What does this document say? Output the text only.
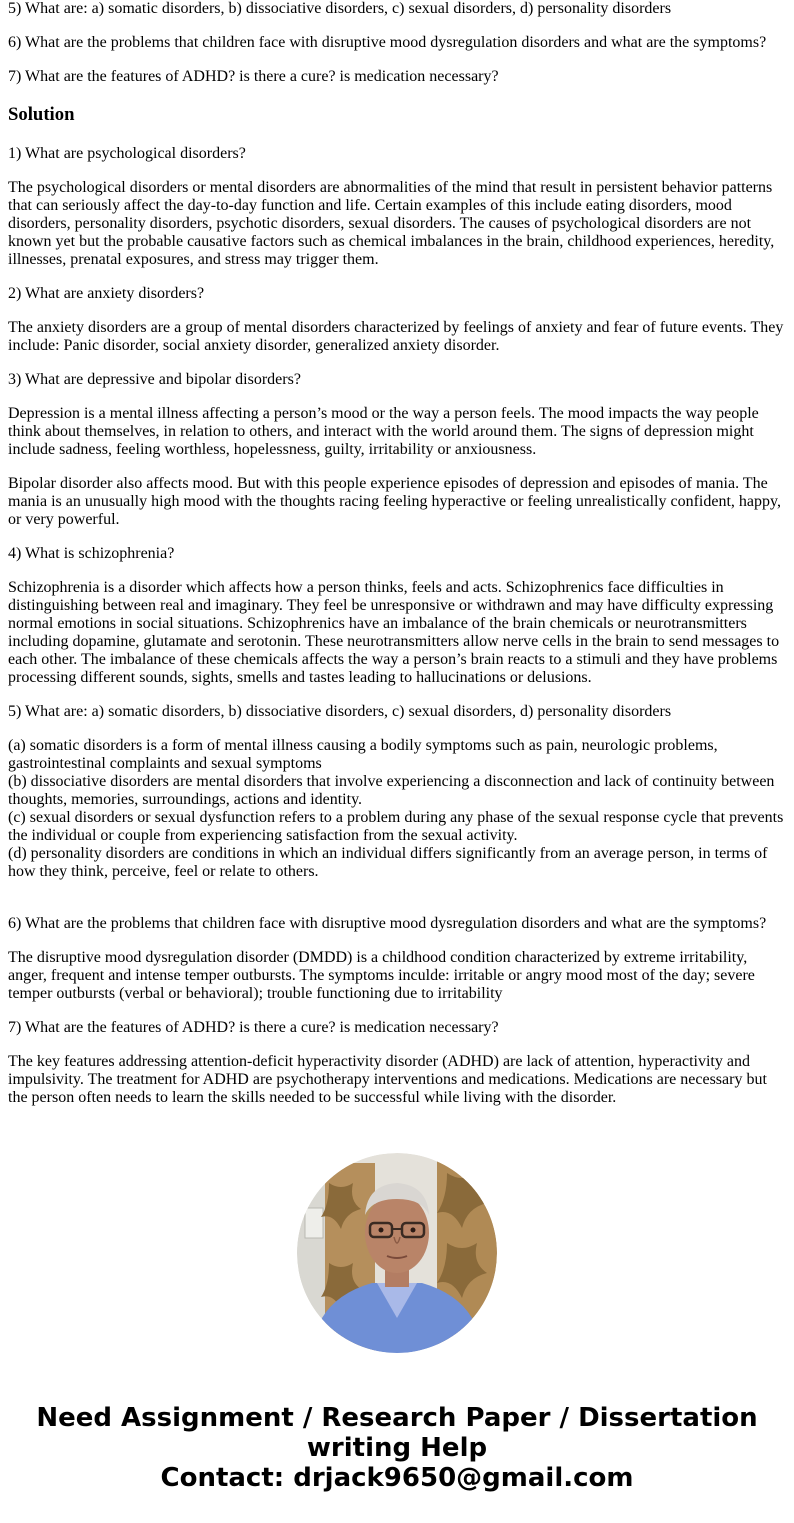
5) What are: a) somatic disorders, b) dissociative disorders, c) sexual disorders, d) personality disorders

6) What are the problems that children face with disruptive mood dysregulation disorders and what are the symptoms?

7) What are the features of ADHD? is there a cure? is medication necessary?

Solution

1) What are psychological disorders?

The psychological disorders or mental disorders are abnormalities of the mind that result in persistent behavior patterns that can seriously affect the day-to-day function and life. Certain examples of this include eating disorders, mood disorders, personality disorders, psychotic disorders, sexual disorders. The causes of psychological disorders are not known yet but the probable causative factors such as chemical imbalances in the brain, childhood experiences, heredity, illnesses, prenatal exposures, and stress may trigger them.

2) What are anxiety disorders?

The anxiety disorders are a group of mental disorders characterized by feelings of anxiety and fear of future events. They include: Panic disorder, social anxiety disorder, generalized anxiety disorder.

3) What are depressive and bipolar disorders?

Depression is a mental illness affecting a person’s mood or the way a person feels. The mood impacts the way people think about themselves, in relation to others, and interact with the world around them. The signs of depression might include sadness, feeling worthless, hopelessness, guilty, irritability or anxiousness.

Bipolar disorder also affects mood. But with this people experience episodes of depression and episodes of mania. The mania is an unusually high mood with the thoughts racing feeling hyperactive or feeling unrealistically confident, happy, or very powerful.

4) What is schizophrenia?

Schizophrenia is a disorder which affects how a person thinks, feels and acts. Schizophrenics face difficulties in distinguishing between real and imaginary. They feel be unresponsive or withdrawn and may have difficulty expressing normal emotions in social situations. Schizophrenics have an imbalance of the brain chemicals or neurotransmitters including dopamine, glutamate and serotonin. These neurotransmitters allow nerve cells in the brain to send messages to each other. The imbalance of these chemicals affects the way a person’s brain reacts to a stimuli and they have problems processing different sounds, sights, smells and tastes leading to hallucinations or delusions.

5) What are: a) somatic disorders, b) dissociative disorders, c) sexual disorders, d) personality disorders

(a) somatic disorders is a form of mental illness causing a bodily symptoms such as pain, neurologic problems, gastrointestinal complaints and sexual symptoms

(b) dissociative disorders are mental disorders that involve experiencing a disconnection and lack of continuity between thoughts, memories, surroundings, actions and identity.

(c) sexual disorders or sexual dysfunction refers to a problem during any phase of the sexual response cycle that prevents the individual or couple from experiencing satisfaction from the sexual activity.

(d) personality disorders are conditions in which an individual differs significantly from an average person, in terms of how they think, perceive, feel or relate to others.

6) What are the problems that children face with disruptive mood dysregulation disorders and what are the symptoms?

The disruptive mood dysregulation disorder (DMDD) is a childhood condition characterized by extreme irritability, anger, frequent and intense temper outbursts. The symptoms inculde: irritable or angry mood most of the day; severe temper outbursts (verbal or behavioral); trouble functioning due to irritability

7) What are the features of ADHD? is there a cure? is medication necessary?

The key features addressing attention-deficit hyperactivity disorder (ADHD) are lack of attention, hyperactivity and impulsivity. The treatment for ADHD are psychotherapy interventions and medications. Medications are necessary but the person often needs to learn the skills needed to be successful while living with the disorder.

Need Assignment / Research Paper / Dissertation
writing Help
Contact: drjack9650@gmail.com
